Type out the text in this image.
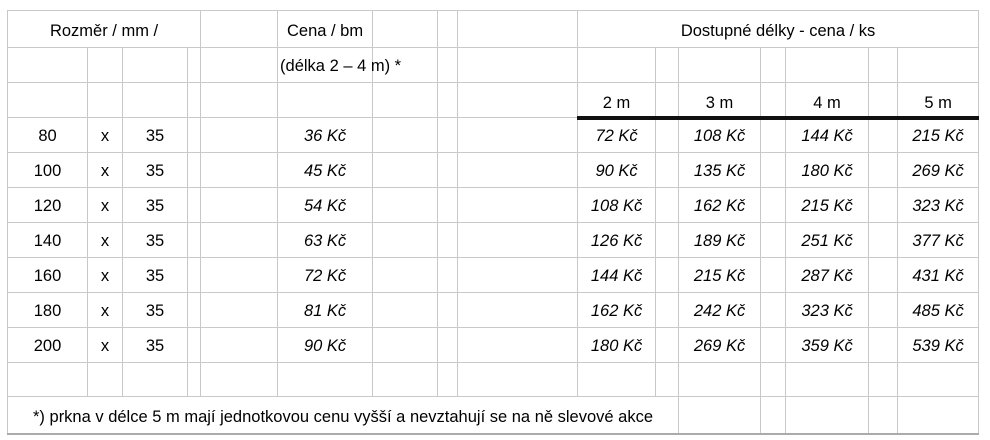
Rozměr / mm /					Cena / bm				Dostupné délky - cena / ks						
					(délka 2 – 4 m) *										
									2 m		3 m		4 m		5 m
80	x	35			36 Kč				72 Kč		108 Kč		144 Kč		215 Kč
100	x	35			45 Kč				90 Kč		135 Kč		180 Kč		269 Kč
120	x	35			54 Kč				108 Kč		162 Kč		215 Kč		323 Kč
140	x	35			63 Kč				126 Kč		189 Kč		251 Kč		377 Kč
160	x	35			72 Kč				144 Kč		215 Kč		287 Kč		431 Kč
180	x	35			81 Kč				162 Kč		242 Kč		323 Kč		485 Kč
200	x	35			90 Kč				180 Kč		269 Kč		359 Kč		539 Kč

*) prkna v délce 5 m mají jednotkovou cenu vyšší a nevztahují se na ně slevové akce															
